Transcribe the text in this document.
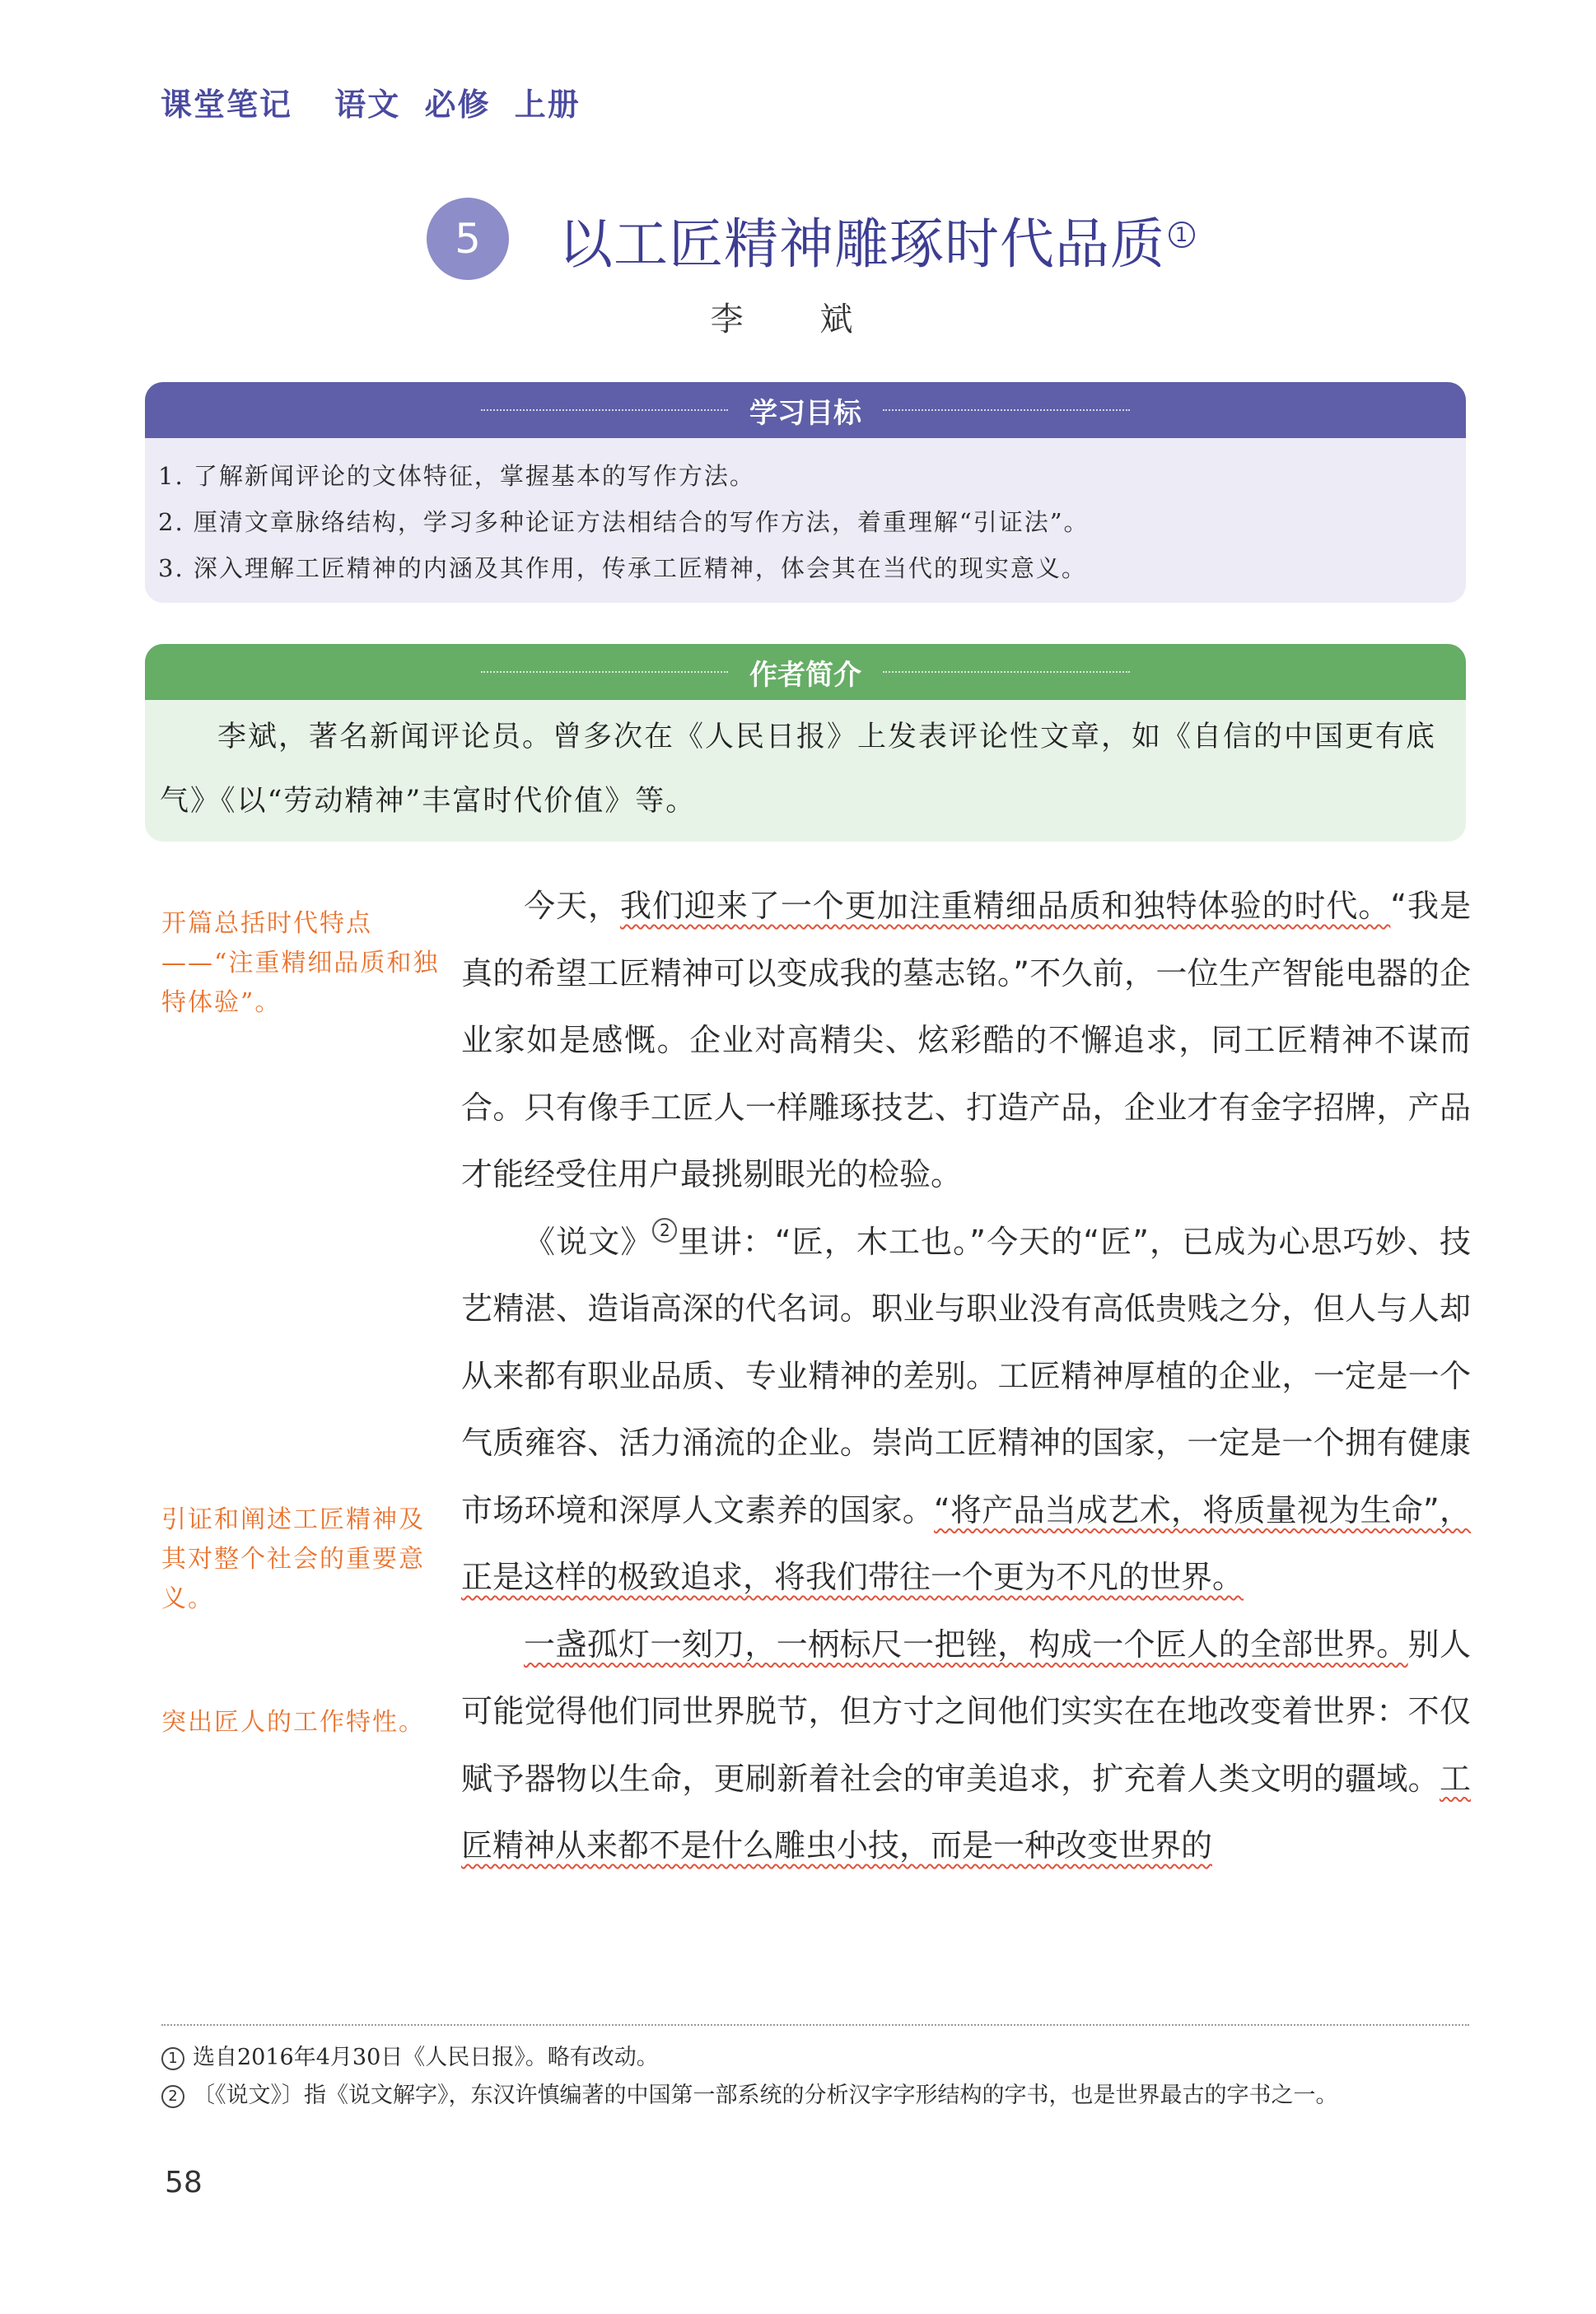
课堂笔记 语文 必修 上册
5	以工匠精神雕琢时代品质 1
李 斌
学习目标
1. 了解新闻评论的文体特征，掌握基本的写作方法。
2. 厘清文章脉络结构，学习多种论证方法相结合的写作方法，着重理解“引证法”。
3. 深入理解工匠精神的内涵及其作用，传承工匠精神，体会其在当代的现实意义。
作者简介
李斌，著名新闻评论员。曾多次在《人民日报》上发表评论性文章，如《自信的中国更有底气》《以“劳动精神”丰富时代价值》等。
开篇总括时代特点——“注重精细品质和独特体验”。
引证和阐述工匠精神及其对整个社会的重要意义。
突出匠人的工作特性。

今天，我们迎来了一个更加注重精细品质和独特体验的时代。“我是真的希望工匠精神可以变成我的墓志铭。”不久前，一位生产智能电器的企业家如是感慨。企业对高精尖、炫彩酷的不懈追求，同工匠精神不谋而合。只有像手工匠人一样雕琢技艺、打造产品，企业才有金字招牌，产品才能经受住用户最挑剔眼光的检验。

《说文》 2 里讲：“匠，木工也。”今天的“匠”，已成为心思巧妙、技艺精湛、造诣高深的代名词。职业与职业没有高低贵贱之分，但人与人却从来都有职业品质、专业精神的差别。工匠精神厚植的企业，一定是一个气质雍容、活力涌流的企业。崇尚工匠精神的国家，一定是一个拥有健康市场环境和深厚人文素养的国家。“将产品当成艺术，将质量视为生命”，正是这样的极致追求，将我们带往一个更为不凡的世界。

一盏孤灯一刻刀，一柄标尺一把锉，构成一个匠人的全部世界。别人可能觉得他们同世界脱节，但方寸之间他们实实在在地改变着世界：不仅赋予器物以生命，更刷新着社会的审美追求，扩充着人类文明的疆域。工匠精神从来都不是什么雕虫小技，而是一种改变世界的

1 选自2016年4月30日《人民日报》。略有改动。
2 〔《说文》〕指《说文解字》，东汉许慎编著的中国第一部系统的分析汉字字形结构的字书，也是世界最古的字书之一。
58
